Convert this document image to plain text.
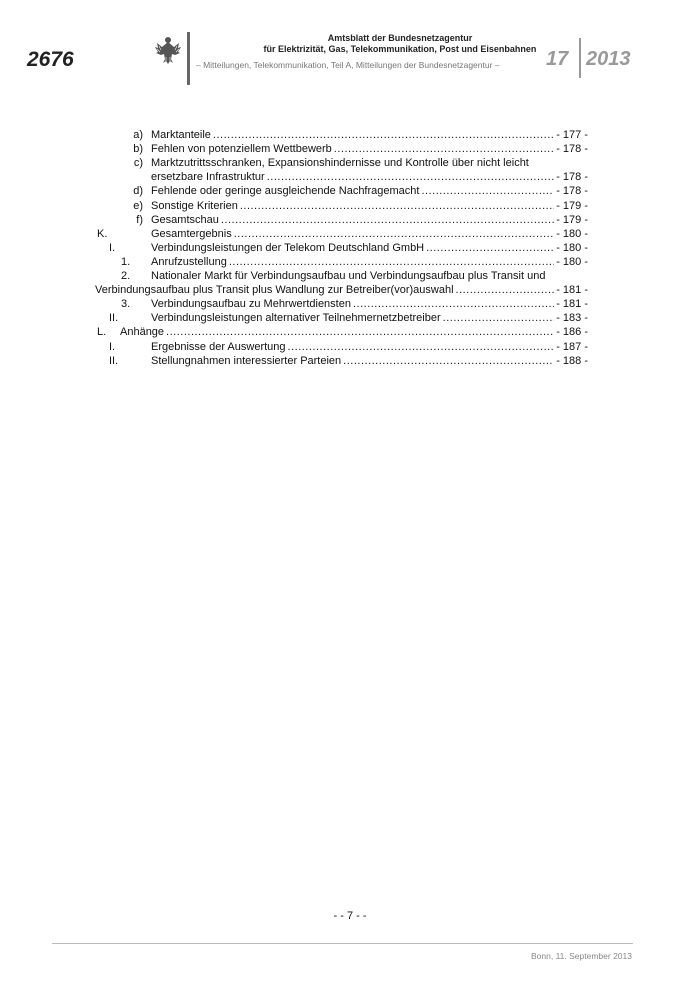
2676
Amtsblatt der Bundesnetzagentur
für Elektrizität, Gas, Telekommunikation, Post und Eisenbahnen
– Mitteilungen, Telekommunikation, Teil A, Mitteilungen der Bundesnetzagentur –	17 2013
a) Marktanteile .....	- 177 -
b) Fehlen von potenziellem Wettbewerb .....	- 178 -
c) Marktzutrittsschranken, Expansionshindernisse und Kontrolle über nicht leicht
ersetzbare Infrastruktur .....	- 178 -
d) Fehlende oder geringe ausgleichende Nachfragemacht .....	- 178 -
e) Sonstige Kriterien .....	- 179 -
f) Gesamtschau .....	- 179 -
K.	Gesamtergebnis .....	- 180 -
I.	Verbindungsleistungen der Telekom Deutschland GmbH .....	- 180 -
1. Anrufzustellung .....	- 180 -
2. Nationaler Markt für Verbindungsaufbau und Verbindungsaufbau plus Transit und
Verbindungsaufbau plus Transit plus Wandlung zur Betreiber(vor)auswahl .....	- 181 -
3. Verbindungsaufbau zu Mehrwertdiensten .....	- 181 -
II.	Verbindungsleistungen alternativer Teilnehmernetzbetreiber .....	- 183 -
L. Anhänge .....	- 186 -
I.	Ergebnisse der Auswertung .....	- 187 -
II.	Stellungnahmen interessierter Parteien .....	- 188 -
- - 7 - -
Bonn, 11. September 2013
